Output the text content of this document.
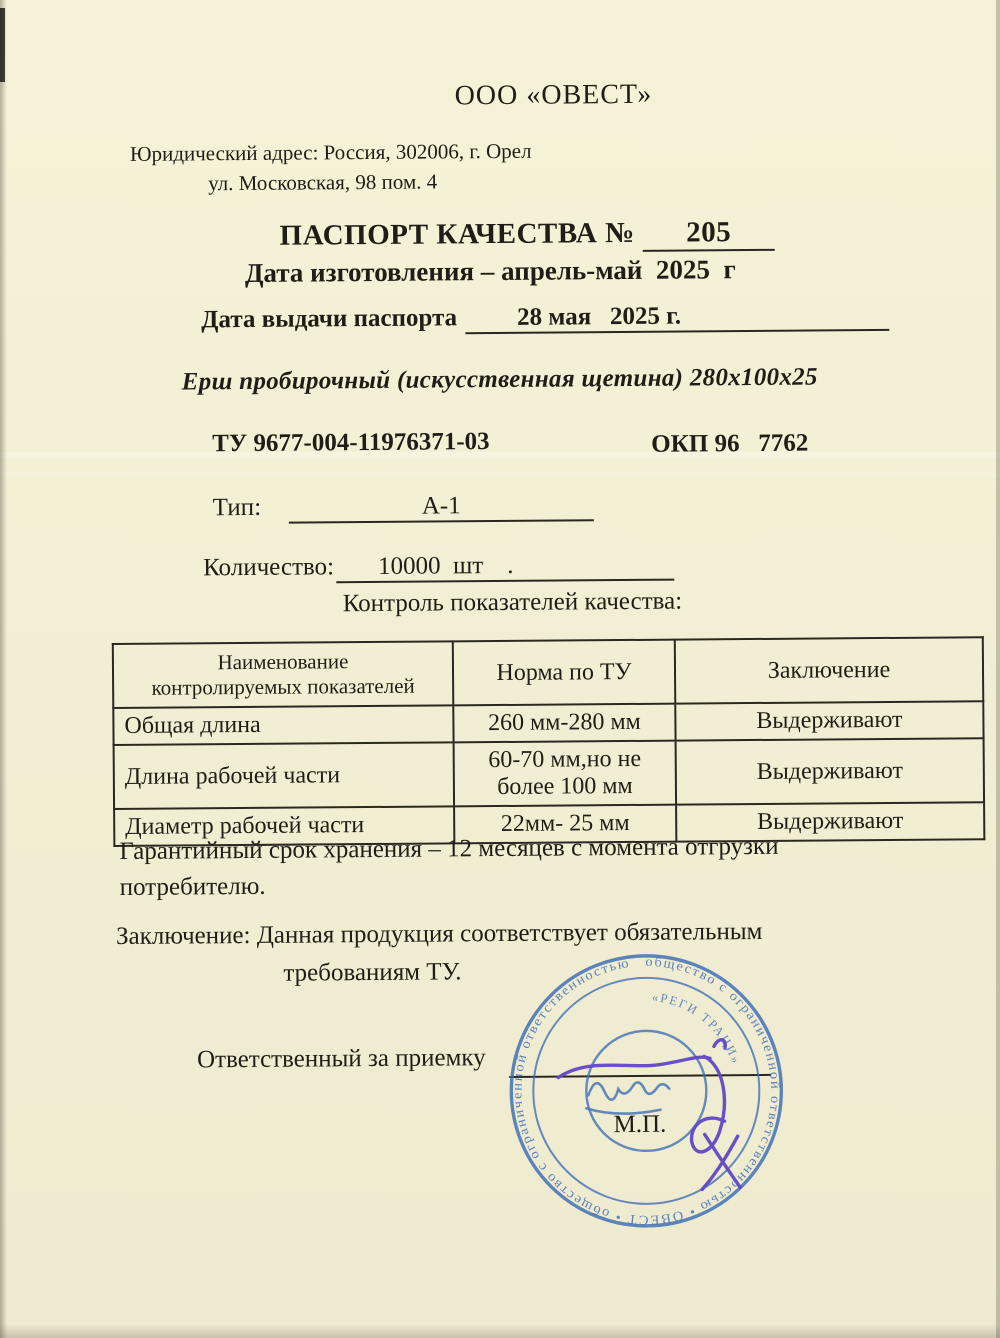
ООО «ОВЕСТ»
Юридический адрес: Россия, 302006, г. Орел
ул. Московская, 98 пом. 4
ПАСПОРТ КАЧЕСТВА № 205
Дата изготовления – апрель-май  2025  г
Дата выдачи паспорта 28 мая   2025 г.
Ерш пробирочный (искусственная щетина) 280х100х25
ТУ 9677-004-11976371-03	ОКП 96   7762
Тип:	А-1
Количество: 10000  шт .
Контроль показателей качества:
Наименование
контролируемых показателей	Норма по ТУ	Заключение
Общая длина	260 мм-280 мм	Выдерживают
Длина рабочей части	60-70 мм,но не более 100 мм	Выдерживают
Диаметр рабочей части	22мм- 25 мм	Выдерживают
Гарантийный срок хранения – 12 месяцев с момента отгрузки потребителю.
Заключение: Данная продукция соответствует обязательным
требованиям ТУ.
Ответственный за приемку
М.П.
общество с ограниченной ответственностью • ОВЕСТ • общество с ограниченной ответственностью
«РЕГИ ТРАЦИ»
